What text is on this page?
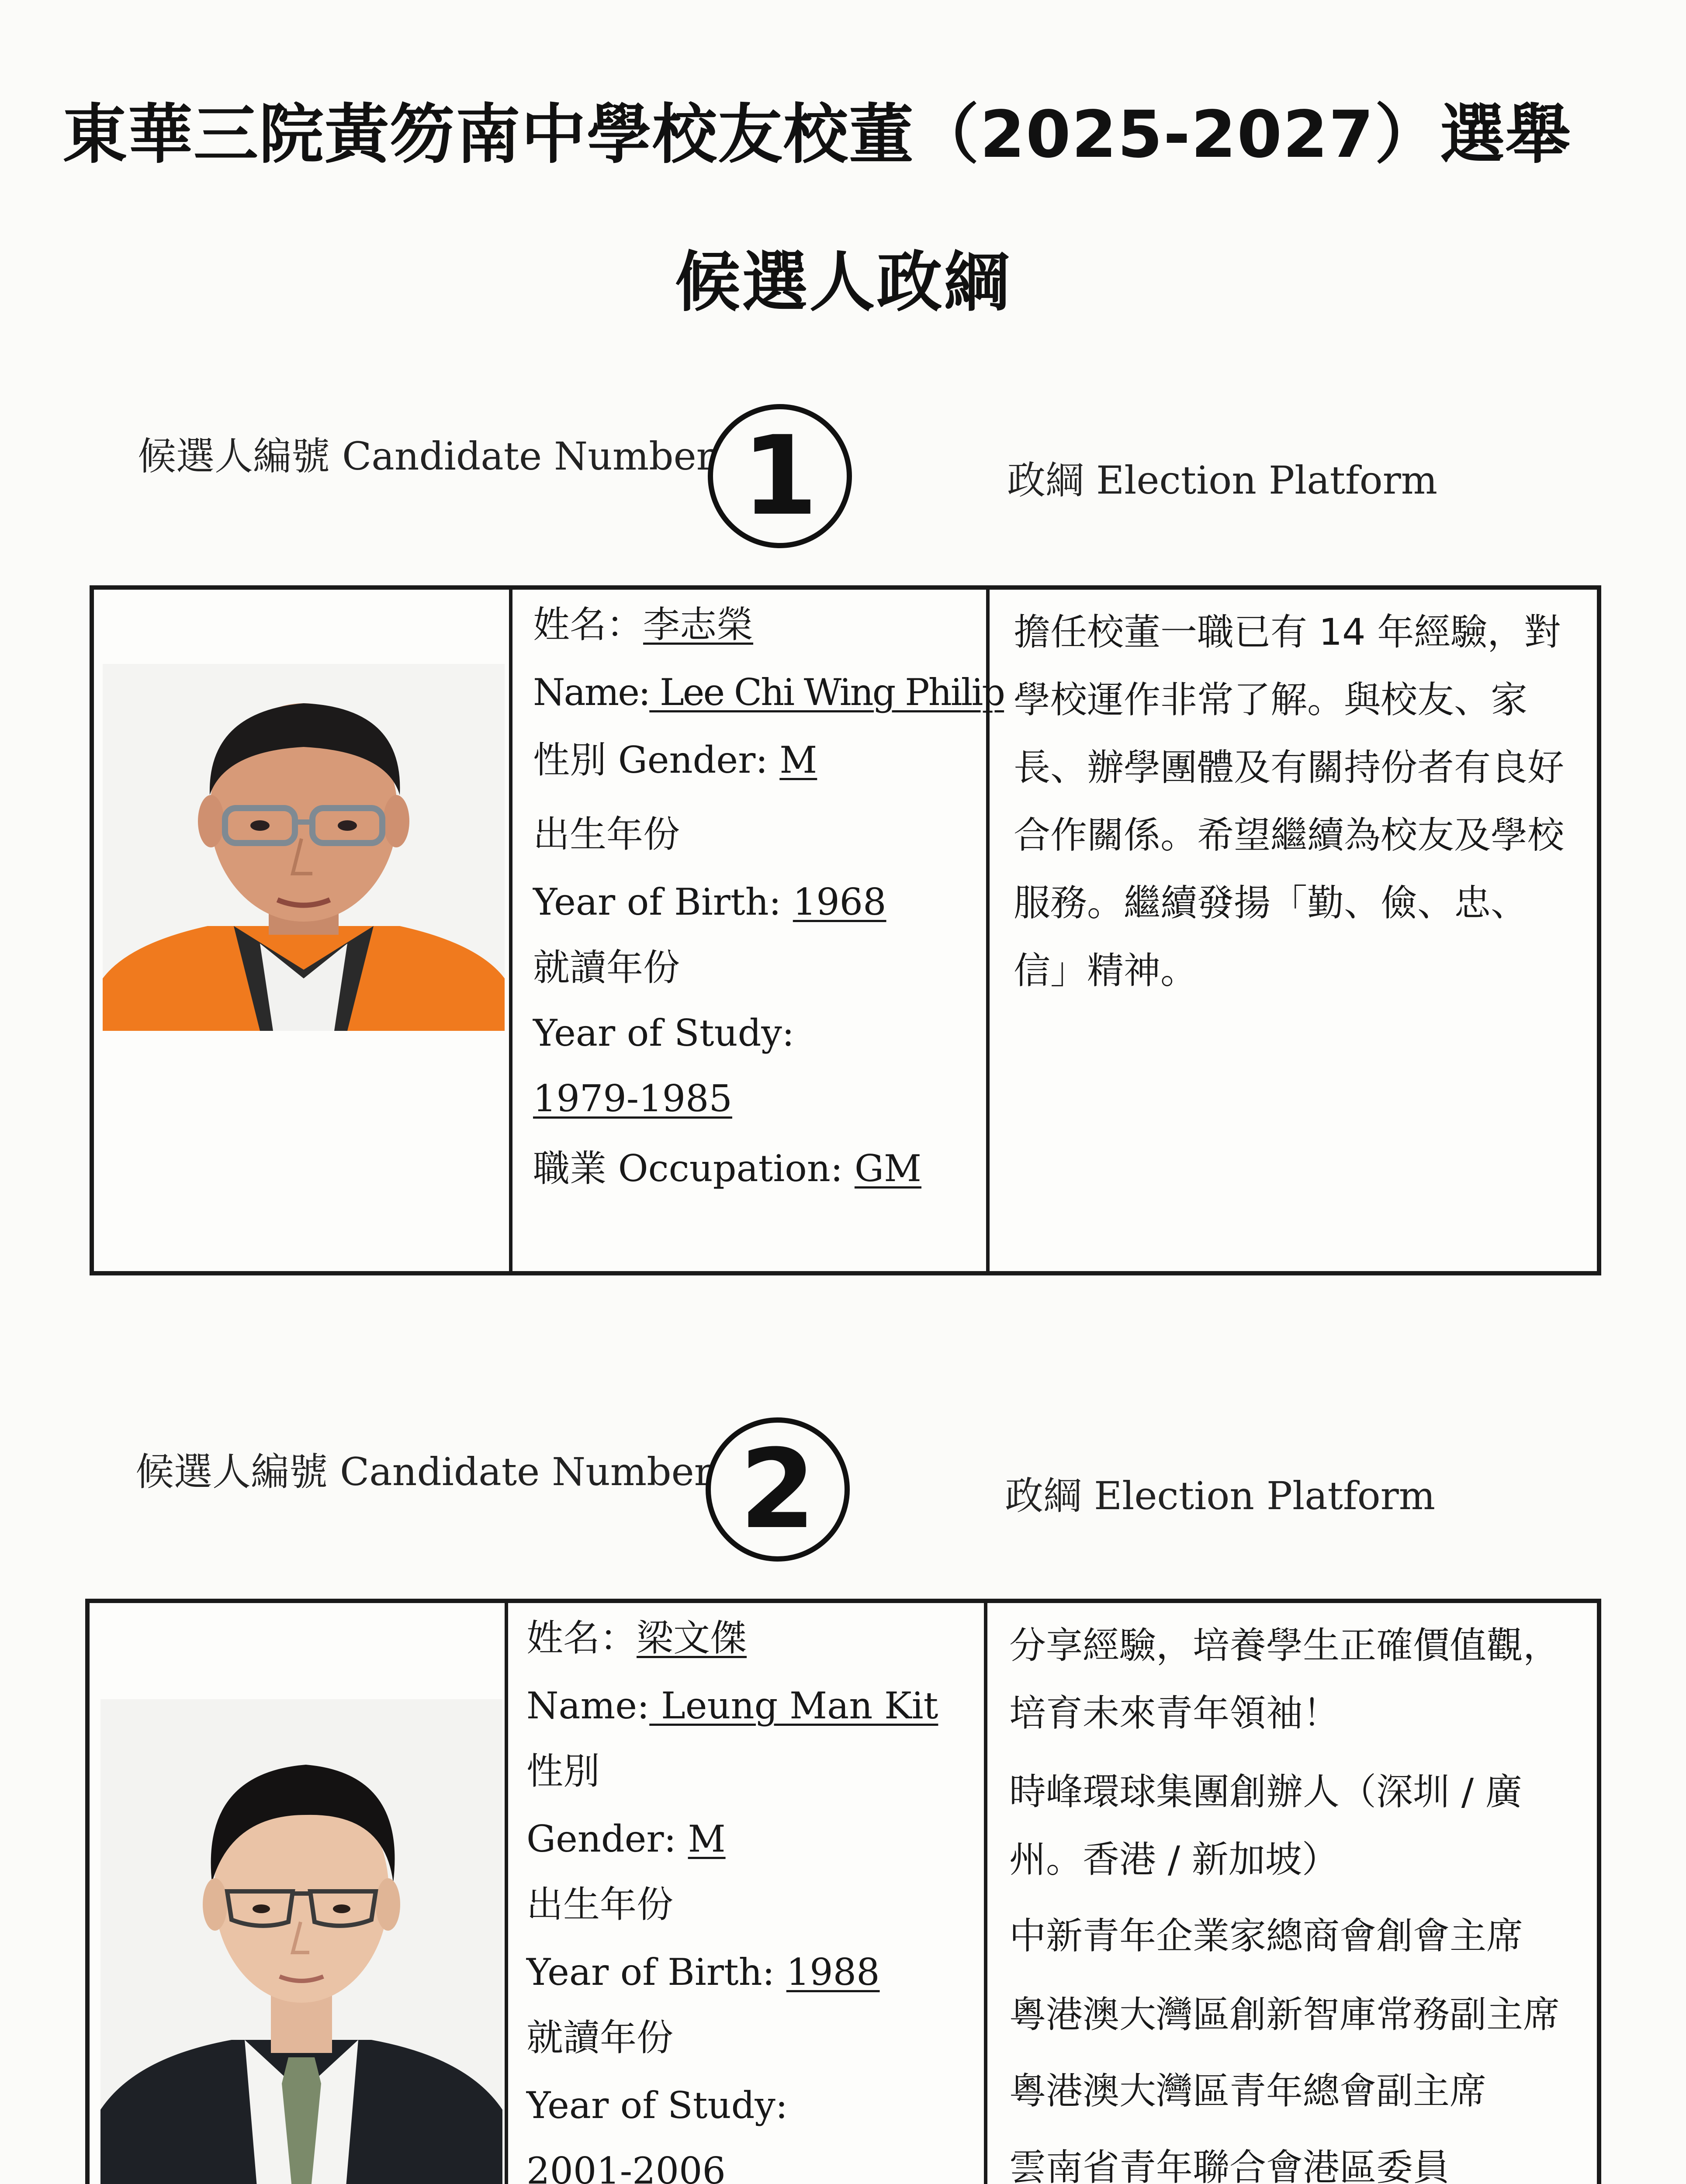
東華三院黃笏南中學校友校董（2025-2027）選舉
候選人政綱
候選人編號 Candidate Number 1	政綱 Election Platform
姓名：李志榮
Name: Lee Chi Wing Philip
性別 Gender: M
出生年份
Year of Birth: 1968
就讀年份
Year of Study:
1979-1985
職業 Occupation: GM
擔任校董一職已有 14 年經驗，對
學校運作非常了解。與校友、家
長、辦學團體及有關持份者有良好
合作關係。希望繼續為校友及學校
服務。繼續發揚「勤、儉、忠、
信」精神。
候選人編號 Candidate Number 2	政綱 Election Platform
姓名：梁文傑
Name: Leung Man Kit
性別
Gender: M
出生年份
Year of Birth: 1988
就讀年份
Year of Study:
2001-2006
分享經驗，培養學生正確價值觀，
培育未來青年領袖！
時峰環球集團創辦人（深圳 / 廣
州。香港 / 新加坡）
中新青年企業家總商會創會主席
粵港澳大灣區創新智庫常務副主席
粵港澳大灣區青年總會副主席
雲南省青年聯合會港區委員
